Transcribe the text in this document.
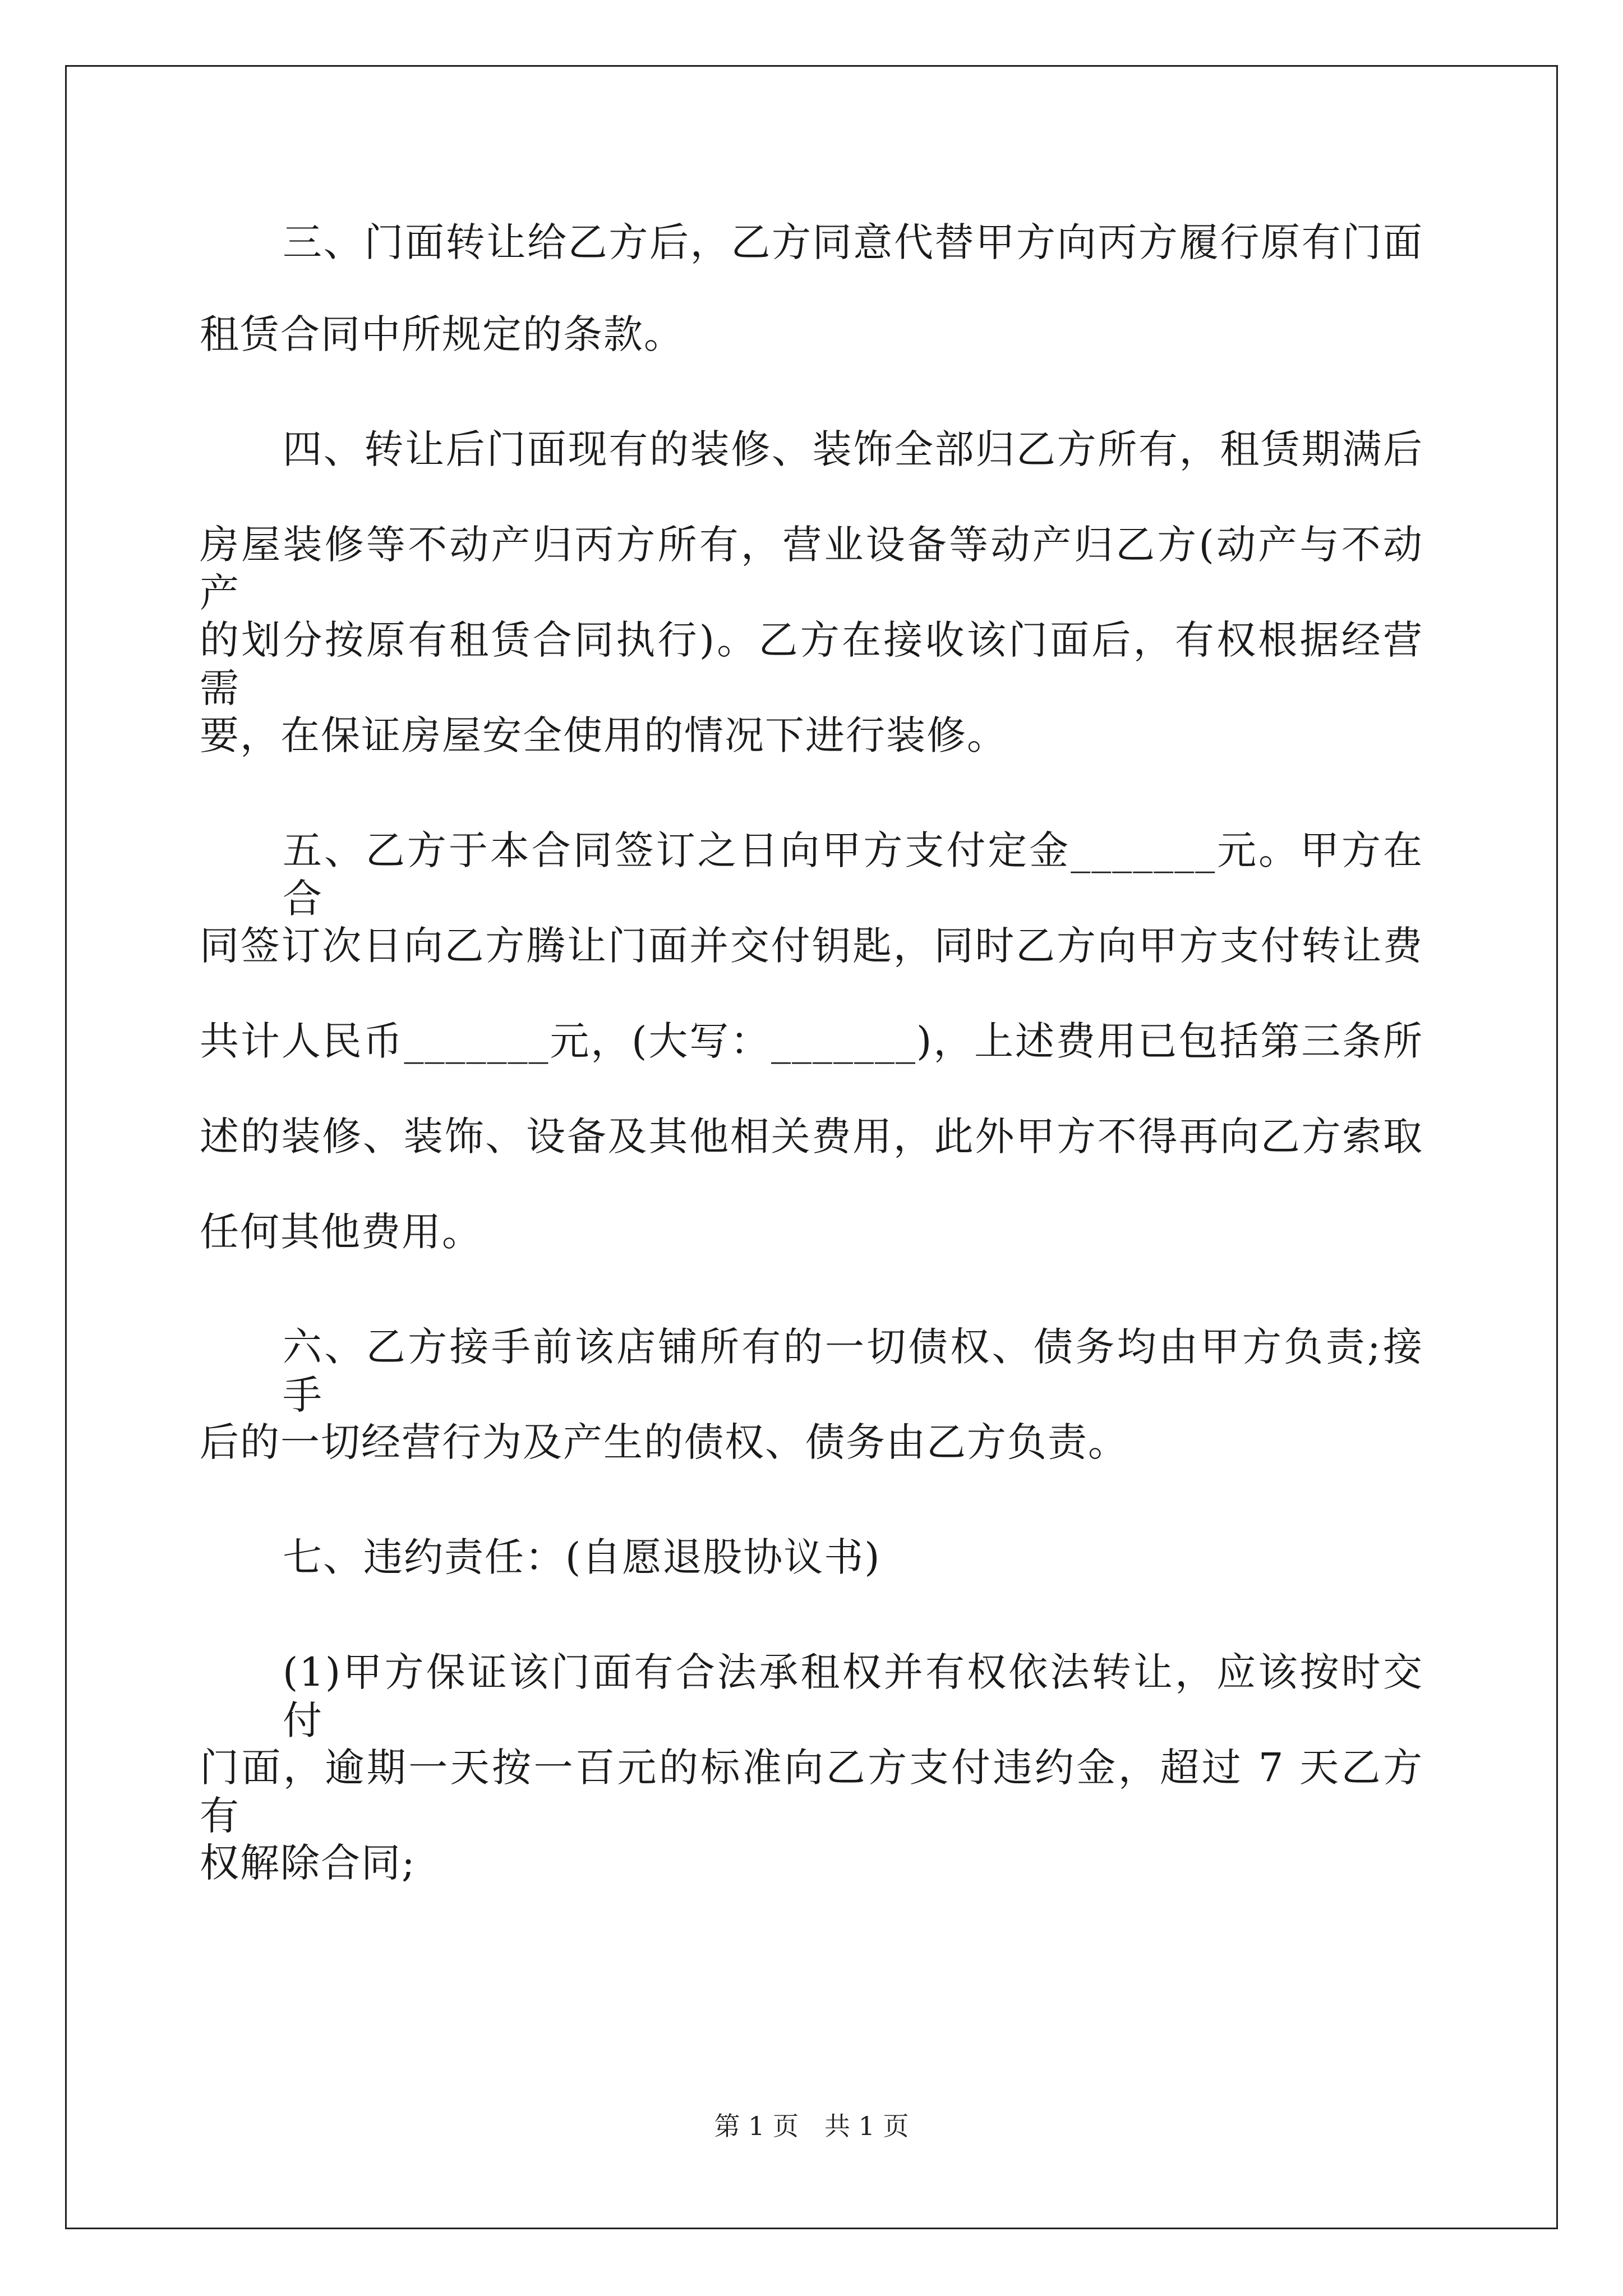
三、门面转让给乙方后，乙方同意代替甲方向丙方履行原有门面
租赁合同中所规定的条款。
四、转让后门面现有的装修、装饰全部归乙方所有，租赁期满后
房屋装修等不动产归丙方所有，营业设备等动产归乙方(动产与不动产
的划分按原有租赁合同执行)。乙方在接收该门面后，有权根据经营需
要，在保证房屋安全使用的情况下进行装修。
五、乙方于本合同签订之日向甲方支付定金_______元。甲方在合
同签订次日向乙方腾让门面并交付钥匙，同时乙方向甲方支付转让费
共计人民币_______元，(大写：_______)，上述费用已包括第三条所
述的装修、装饰、设备及其他相关费用，此外甲方不得再向乙方索取
任何其他费用。
六、乙方接手前该店铺所有的一切债权、债务均由甲方负责;接手
后的一切经营行为及产生的债权、债务由乙方负责。
七、违约责任：(自愿退股协议书)
(1)甲方保证该门面有合法承租权并有权依法转让，应该按时交付
门面，逾期一天按一百元的标准向乙方支付违约金，超过 7 天乙方有
权解除合同;
第 1 页　共 1 页
